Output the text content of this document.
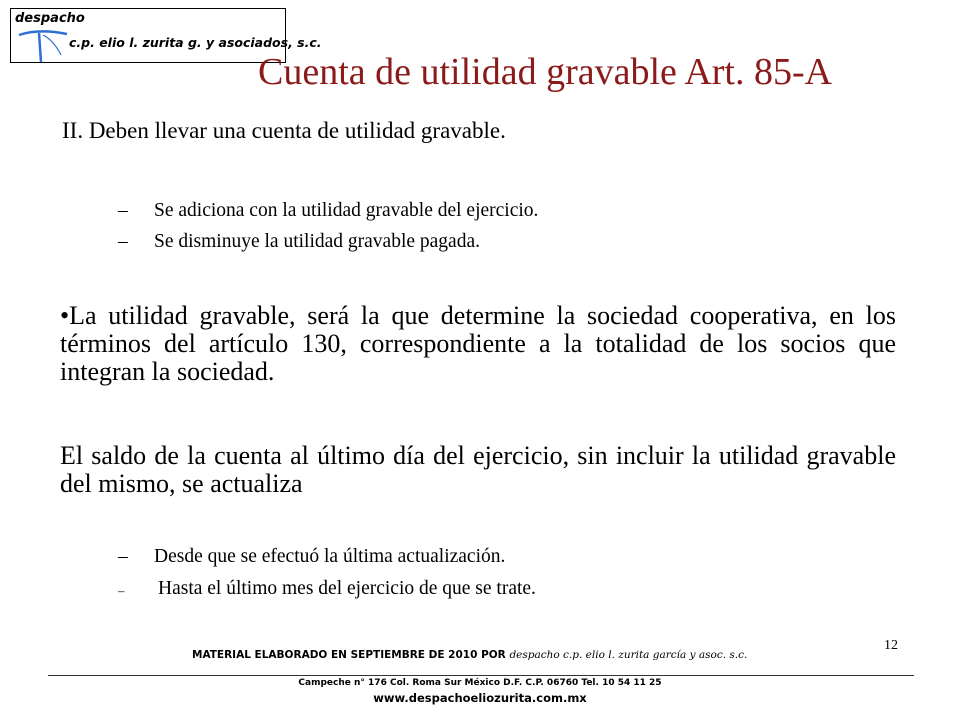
despacho
c.p. elio l. zurita g. y asociados, s.c.
Cuenta de utilidad gravable Art. 85-A

II. Deben llevar una cuenta de utilidad gravable.

– Se adiciona con la utilidad gravable del ejercicio.
– Se disminuye la utilidad gravable pagada.

•La utilidad gravable, será la que determine la sociedad cooperativa, en los términos del artículo 130, correspondiente a la totalidad de los socios que integran la sociedad.

El saldo de la cuenta al último día del ejercicio, sin incluir la utilidad gravable del mismo, se actualiza

– Desde que se efectuó la última actualización.
– Hasta el último mes del ejercicio de que se trate.
12
MATERIAL ELABORADO EN SEPTIEMBRE DE 2010 POR despacho c.p. elio l. zurita garcía y asoc. s.c.
Campeche n° 176 Col. Roma Sur México D.F. C.P. 06760 Tel. 10 54 11 25
www.despachoeliozurita.com.mx
